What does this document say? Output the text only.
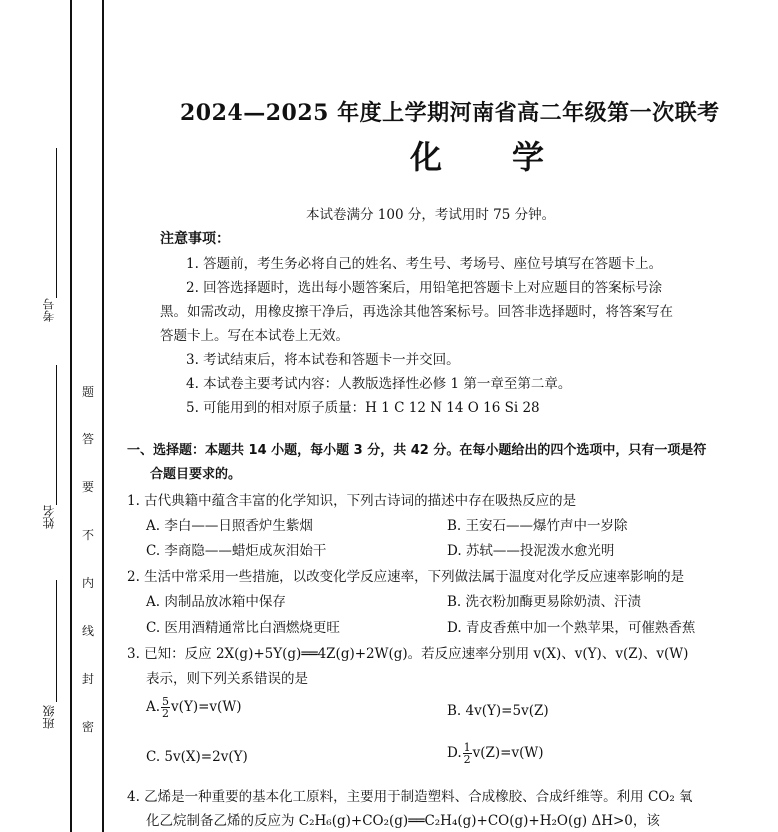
考号
姓名
班级
题
答
要
不
内
线
封
密
2024—2025 年度上学期河南省高二年级第一次联考
化学
本试卷满分 100 分，考试用时 75 分钟。
注意事项：
1. 答题前，考生务必将自己的姓名、考生号、考场号、座位号填写在答题卡上。
2. 回答选择题时，选出每小题答案后，用铅笔把答题卡上对应题目的答案标号涂
黑。如需改动，用橡皮擦干净后，再选涂其他答案标号。回答非选择题时，将答案写在
答题卡上。写在本试卷上无效。
3. 考试结束后，将本试卷和答题卡一并交回。
4. 本试卷主要考试内容：人教版选择性必修 1 第一章至第二章。
5. 可能用到的相对原子质量：H 1 C 12 N 14 O 16 Si 28
一、选择题：本题共 14 小题，每小题 3 分，共 42 分。在每小题给出的四个选项中，只有一项是符
合题目要求的。
1. 古代典籍中蕴含丰富的化学知识，下列古诗词的描述中存在吸热反应的是
A. 李白——日照香炉生紫烟	B. 王安石——爆竹声中一岁除
C. 李商隐——蜡炬成灰泪始干	D. 苏轼——投泥泼水愈光明
2. 生活中常采用一些措施，以改变化学反应速率，下列做法属于温度对化学反应速率影响的是
A. 肉制品放冰箱中保存	B. 洗衣粉加酶更易除奶渍、汗渍
C. 医用酒精通常比白酒燃烧更旺	D. 青皮香蕉中加一个熟苹果，可催熟香蕉
3. 已知：反应 2X(g)+5Y(g)══4Z(g)+2W(g)。若反应速率分别用 v(X)、v(Y)、v(Z)、v(W)
表示，则下列关系错误的是
A. $\frac{5}{2} v(Y)=v(W)$	B. 4v(Y)=5v(Z)
C. 5v(X)=2v(Y)	D. $\frac{1}{2} v(Z)=v(W)$
4. 乙烯是一种重要的基本化工原料，主要用于制造塑料、合成橡胶、合成纤维等。利用 CO₂ 氧
化乙烷制备乙烯的反应为 C₂H₆(g)+CO₂(g)══C₂H₄(g)+CO(g)+H₂O(g) ΔH>0，该
